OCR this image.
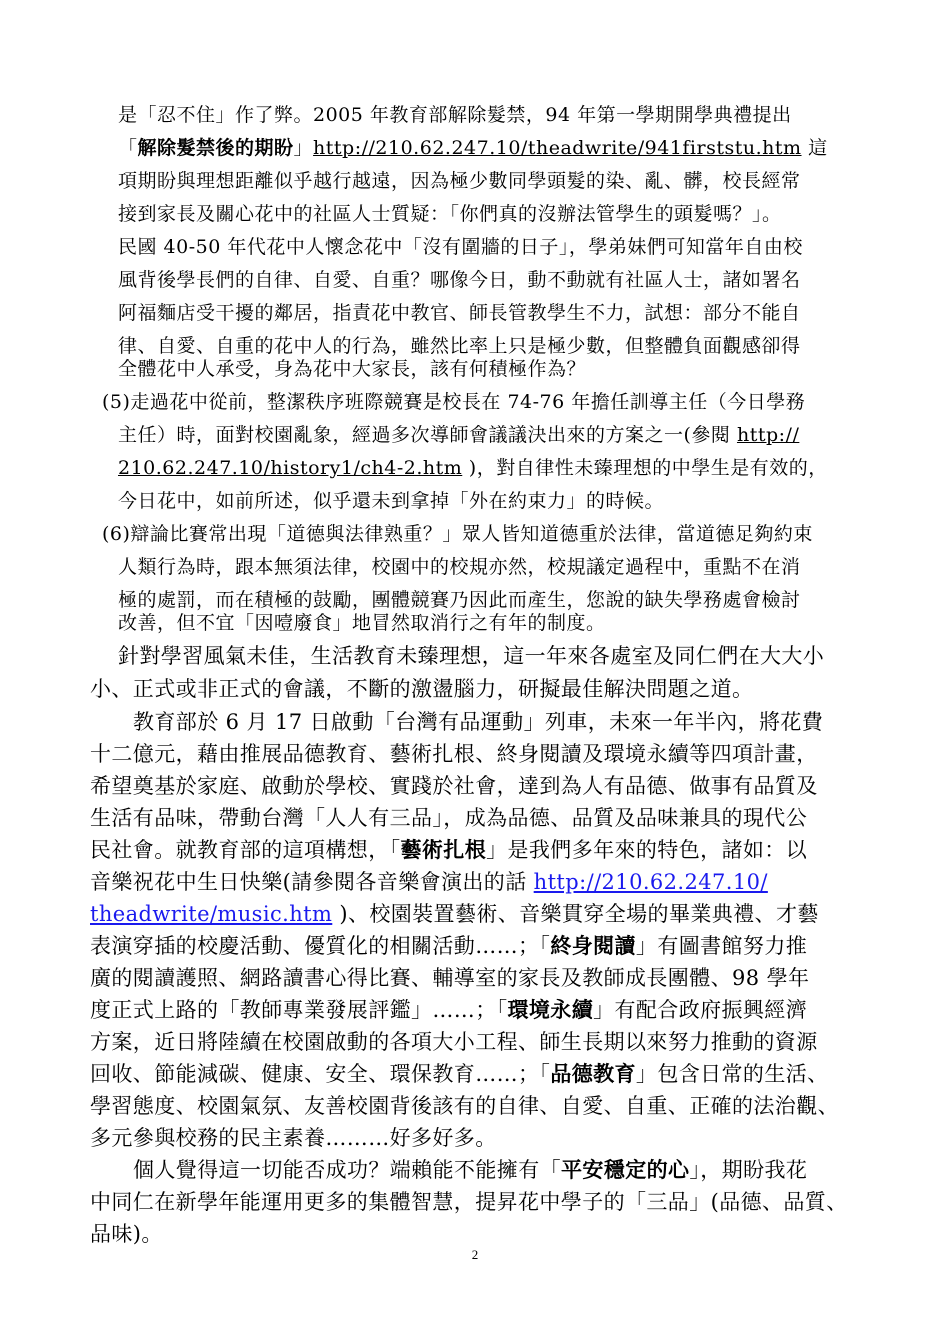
是「忍不住」作了弊。2005 年教育部解除髮禁，94 年第一學期開學典禮提出
「解除髮禁後的期盼」http://210.62.247.10/theadwrite/941firststu.htm 這
項期盼與理想距離似乎越行越遠，因為極少數同學頭髮的染、亂、髒，校長經常
接到家長及關心花中的社區人士質疑：「你們真的沒辦法管學生的頭髮嗎？」。
民國 40-50 年代花中人懷念花中「沒有圍牆的日子」，學弟妹們可知當年自由校
風背後學長們的自律、自愛、自重？哪像今日，動不動就有社區人士，諸如署名
阿福麵店受干擾的鄰居，指責花中教官、師長管教學生不力，試想：部分不能自
律、自愛、自重的花中人的行為，雖然比率上只是極少數，但整體負面觀感卻得
全體花中人承受，身為花中大家長，該有何積極作為？
(5)走過花中從前，整潔秩序班際競賽是校長在 74-76 年擔任訓導主任（今日學務
主任）時，面對校園亂象，經過多次導師會議議決出來的方案之一(參閱 http://
210.62.247.10/history1/ch4-2.htm )，對自律性未臻理想的中學生是有效的，
今日花中，如前所述，似乎還未到拿掉「外在約束力」的時候。
(6)辯論比賽常出現「道德與法律熟重？」眾人皆知道德重於法律，當道德足夠約束
人類行為時，跟本無須法律，校園中的校規亦然，校規議定過程中，重點不在消
極的處罰，而在積極的鼓勵，團體競賽乃因此而產生，您說的缺失學務處會檢討
改善，但不宜「因噎廢食」地冒然取消行之有年的制度。
針對學習風氣未佳，生活教育未臻理想，這一年來各處室及同仁們在大大小
小、正式或非正式的會議，不斷的激盪腦力，研擬最佳解決問題之道。
教育部於 6 月 17 日啟動「台灣有品運動」列車，未來一年半內，將花費
十二億元，藉由推展品德教育、藝術扎根、終身閱讀及環境永續等四項計畫，
希望奠基於家庭、啟動於學校、實踐於社會，達到為人有品德、做事有品質及
生活有品味，帶動台灣「人人有三品」，成為品德、品質及品味兼具的現代公
民社會。就教育部的這項構想，「藝術扎根」是我們多年來的特色，諸如：以
音樂祝花中生日快樂(請參閱各音樂會演出的話 http://210.62.247.10/
theadwrite/music.htm )、校園裝置藝術、音樂貫穿全場的畢業典禮、才藝
表演穿插的校慶活動、優質化的相關活動……；「終身閱讀」有圖書館努力推
廣的閱讀護照、網路讀書心得比賽、輔導室的家長及教師成長團體、98 學年
度正式上路的「教師專業發展評鑑」……；「環境永續」有配合政府振興經濟
方案，近日將陸續在校園啟動的各項大小工程、師生長期以來努力推動的資源
回收、節能減碳、健康、安全、環保教育……；「品德教育」包含日常的生活、
學習態度、校園氣氛、友善校園背後該有的自律、自愛、自重、正確的法治觀、
多元參與校務的民主素養………好多好多。
個人覺得這一切能否成功？端賴能不能擁有「平安穩定的心」，期盼我花
中同仁在新學年能運用更多的集體智慧，提昇花中學子的「三品」(品德、品質、
品味)。
2
